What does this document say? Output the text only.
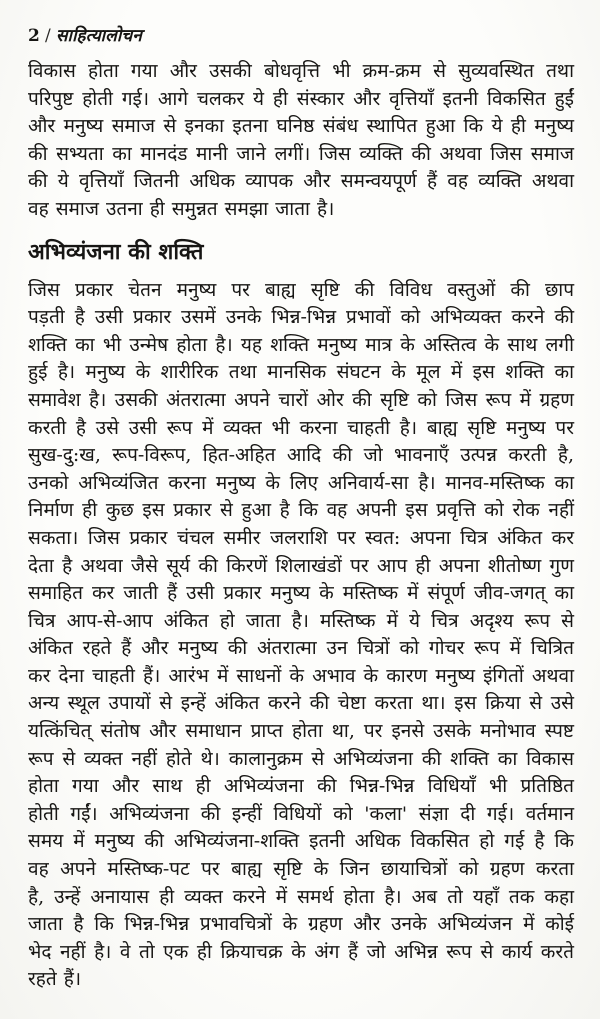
2 / साहित्यालोचन
विकास होता गया और उसकी बोधवृत्ति भी क्रम-क्रम से सुव्यवस्थित तथा
परिपुष्ट होती गई। आगे चलकर ये ही संस्कार और वृत्तियाँ इतनी विकसित हुईं
और मनुष्य समाज से इनका इतना घनिष्ठ संबंध स्थापित हुआ कि ये ही मनुष्य
की सभ्यता का मानदंड मानी जाने लगीं। जिस व्यक्ति की अथवा जिस समाज
की ये वृत्तियाँ जितनी अधिक व्यापक और समन्वयपूर्ण हैं वह व्यक्ति अथवा
वह समाज उतना ही समुन्नत समझा जाता है।
अभिव्यंजना की शक्ति
जिस प्रकार चेतन मनुष्य पर बाह्य सृष्टि की विविध वस्तुओं की छाप
पड़ती है उसी प्रकार उसमें उनके भिन्न-भिन्न प्रभावों को अभिव्यक्त करने की
शक्ति का भी उन्मेष होता है। यह शक्ति मनुष्य मात्र के अस्तित्व के साथ लगी
हुई है। मनुष्य के शारीरिक तथा मानसिक संघटन के मूल में इस शक्ति का
समावेश है। उसकी अंतरात्मा अपने चारों ओर की सृष्टि को जिस रूप में ग्रहण
करती है उसे उसी रूप में व्यक्त भी करना चाहती है। बाह्य सृष्टि मनुष्य पर
सुख-दु:ख, रूप-विरूप, हित-अहित आदि की जो भावनाएँ उत्पन्न करती है,
उनको अभिव्यंजित करना मनुष्य के लिए अनिवार्य-सा है। मानव-मस्तिष्क का
निर्माण ही कुछ इस प्रकार से हुआ है कि वह अपनी इस प्रवृत्ति को रोक नहीं
सकता। जिस प्रकार चंचल समीर जलराशि पर स्वत: अपना चित्र अंकित कर
देता है अथवा जैसे सूर्य की किरणें शिलाखंडों पर आप ही अपना शीतोष्ण गुण
समाहित कर जाती हैं उसी प्रकार मनुष्य के मस्तिष्क में संपूर्ण जीव-जगत् का
चित्र आप-से-आप अंकित हो जाता है। मस्तिष्क में ये चित्र अदृश्य रूप से
अंकित रहते हैं और मनुष्य की अंतरात्मा उन चित्रों को गोचर रूप में चित्रित
कर देना चाहती हैं। आरंभ में साधनों के अभाव के कारण मनुष्य इंगितों अथवा
अन्य स्थूल उपायों से इन्हें अंकित करने की चेष्टा करता था। इस क्रिया से उसे
यत्किंचित् संतोष और समाधान प्राप्त होता था, पर इनसे उसके मनोभाव स्पष्ट
रूप से व्यक्त नहीं होते थे। कालानुक्रम से अभिव्यंजना की शक्ति का विकास
होता गया और साथ ही अभिव्यंजना की भिन्न-भिन्न विधियाँ भी प्रतिष्ठित
होती गईं। अभिव्यंजना की इन्हीं विधियों को 'कला' संज्ञा दी गई। वर्तमान
समय में मनुष्य की अभिव्यंजना-शक्ति इतनी अधिक विकसित हो गई है कि
वह अपने मस्तिष्क-पट पर बाह्य सृष्टि के जिन छायाचित्रों को ग्रहण करता
है, उन्हें अनायास ही व्यक्त करने में समर्थ होता है। अब तो यहाँ तक कहा
जाता है कि भिन्न-भिन्न प्रभावचित्रों के ग्रहण और उनके अभिव्यंजन में कोई
भेद नहीं है। वे तो एक ही क्रियाचक्र के अंग हैं जो अभिन्न रूप से कार्य करते
रहते हैं।
